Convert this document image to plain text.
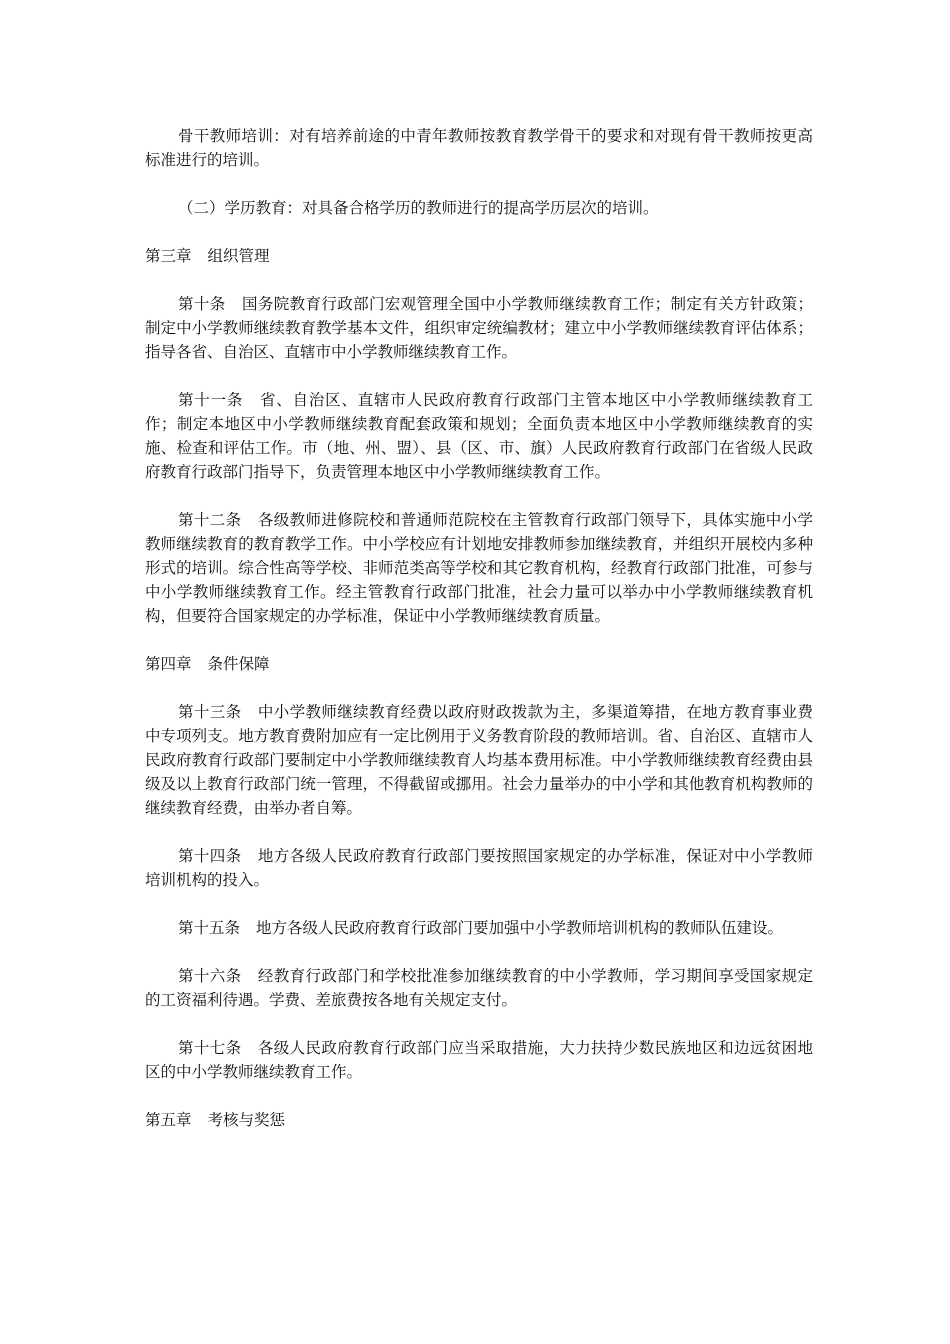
骨干教师培训：对有培养前途的中青年教师按教育教学骨干的要求和对现有骨干教师按更高标准进行的培训。

（二）学历教育：对具备合格学历的教师进行的提高学历层次的培训。

第三章 组织管理

第十条 国务院教育行政部门宏观管理全国中小学教师继续教育工作；制定有关方针政策；制定中小学教师继续教育教学基本文件，组织审定统编教材；建立中小学教师继续教育评估体系；指导各省、自治区、直辖市中小学教师继续教育工作。

第十一条 省、自治区、直辖市人民政府教育行政部门主管本地区中小学教师继续教育工作；制定本地区中小学教师继续教育配套政策和规划；全面负责本地区中小学教师继续教育的实施、检查和评估工作。市（地、州、盟）、县（区、市、旗）人民政府教育行政部门在省级人民政府教育行政部门指导下，负责管理本地区中小学教师继续教育工作。

第十二条 各级教师进修院校和普通师范院校在主管教育行政部门领导下，具体实施中小学教师继续教育的教育教学工作。中小学校应有计划地安排教师参加继续教育，并组织开展校内多种形式的培训。综合性高等学校、非师范类高等学校和其它教育机构，经教育行政部门批准，可参与中小学教师继续教育工作。经主管教育行政部门批准，社会力量可以举办中小学教师继续教育机构，但要符合国家规定的办学标准，保证中小学教师继续教育质量。

第四章 条件保障

第十三条 中小学教师继续教育经费以政府财政拨款为主，多渠道筹措，在地方教育事业费中专项列支。地方教育费附加应有一定比例用于义务教育阶段的教师培训。省、自治区、直辖市人民政府教育行政部门要制定中小学教师继续教育人均基本费用标准。中小学教师继续教育经费由县级及以上教育行政部门统一管理，不得截留或挪用。社会力量举办的中小学和其他教育机构教师的继续教育经费，由举办者自筹。

第十四条 地方各级人民政府教育行政部门要按照国家规定的办学标准，保证对中小学教师培训机构的投入。

第十五条 地方各级人民政府教育行政部门要加强中小学教师培训机构的教师队伍建设。

第十六条 经教育行政部门和学校批准参加继续教育的中小学教师，学习期间享受国家规定的工资福利待遇。学费、差旅费按各地有关规定支付。

第十七条 各级人民政府教育行政部门应当采取措施，大力扶持少数民族地区和边远贫困地区的中小学教师继续教育工作。

第五章 考核与奖惩
